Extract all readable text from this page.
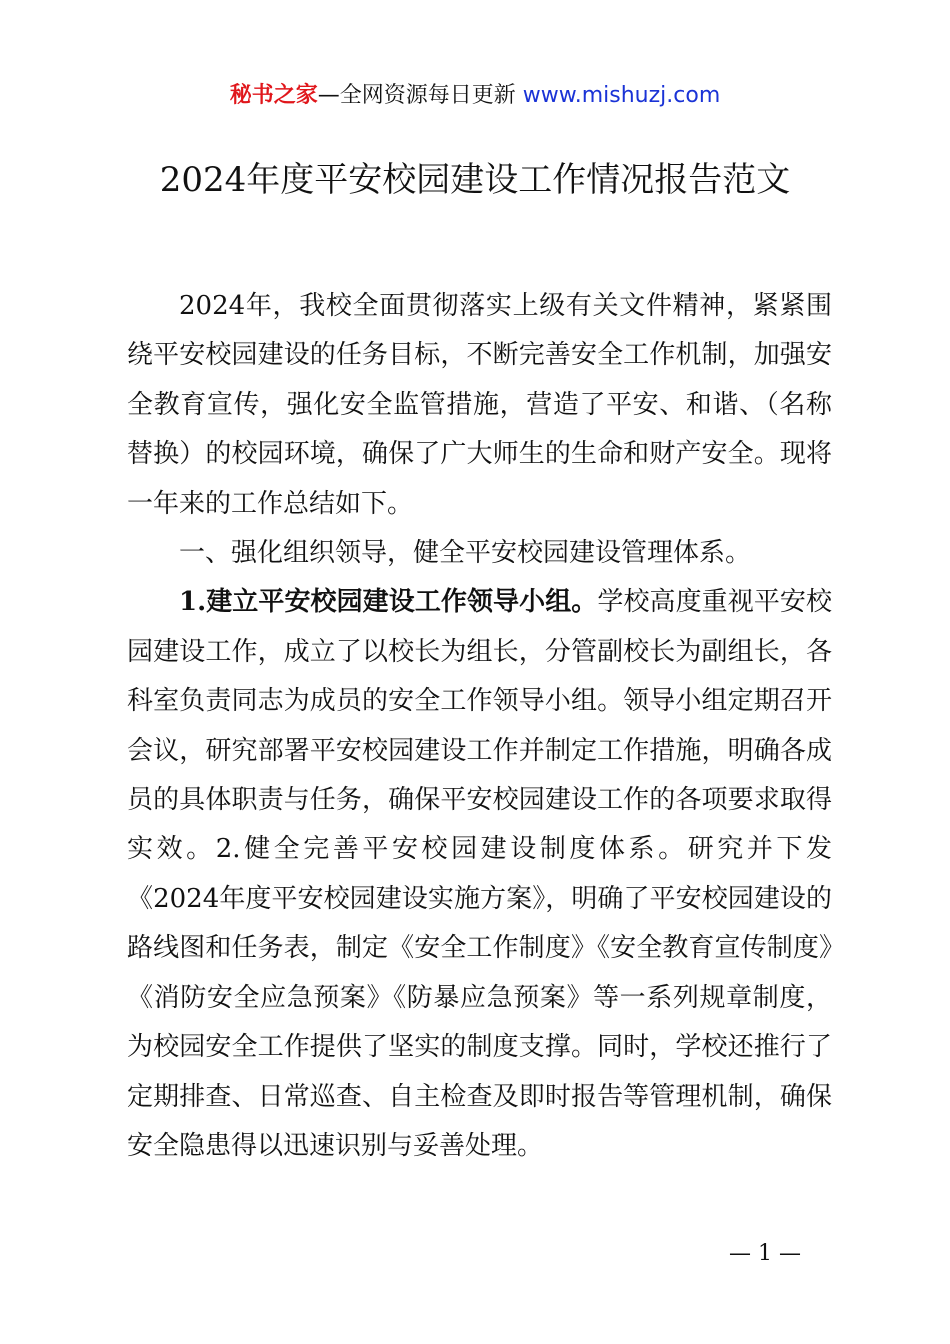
秘书之家—全网资源每日更新 www.mishuzj.com
2024年度平安校园建设工作情况报告范文

2024年，我校全面贯彻落实上级有关文件精神，紧紧围绕平安校园建设的任务目标，不断完善安全工作机制，加强安全教育宣传，强化安全监管措施，营造了平安、和谐、（名称替换）的校园环境，确保了广大师生的生命和财产安全。现将一年来的工作总结如下。

一、强化组织领导，健全平安校园建设管理体系。

1.建立平安校园建设工作领导小组。学校高度重视平安校园建设工作，成立了以校长为组长，分管副校长为副组长，各科室负责同志为成员的安全工作领导小组。领导小组定期召开会议，研究部署平安校园建设工作并制定工作措施，明确各成员的具体职责与任务，确保平安校园建设工作的各项要求取得实效。2.健全完善平安校园建设制度体系。研究并下发《2024年度平安校园建设实施方案》，明确了平安校园建设的路线图和任务表，制定《安全工作制度》《安全教育宣传制度》《消防安全应急预案》《防暴应急预案》等一系列规章制度，为校园安全工作提供了坚实的制度支撑。同时，学校还推行了定期排查、日常巡查、自主检查及即时报告等管理机制，确保安全隐患得以迅速识别与妥善处理。

— 1 —
